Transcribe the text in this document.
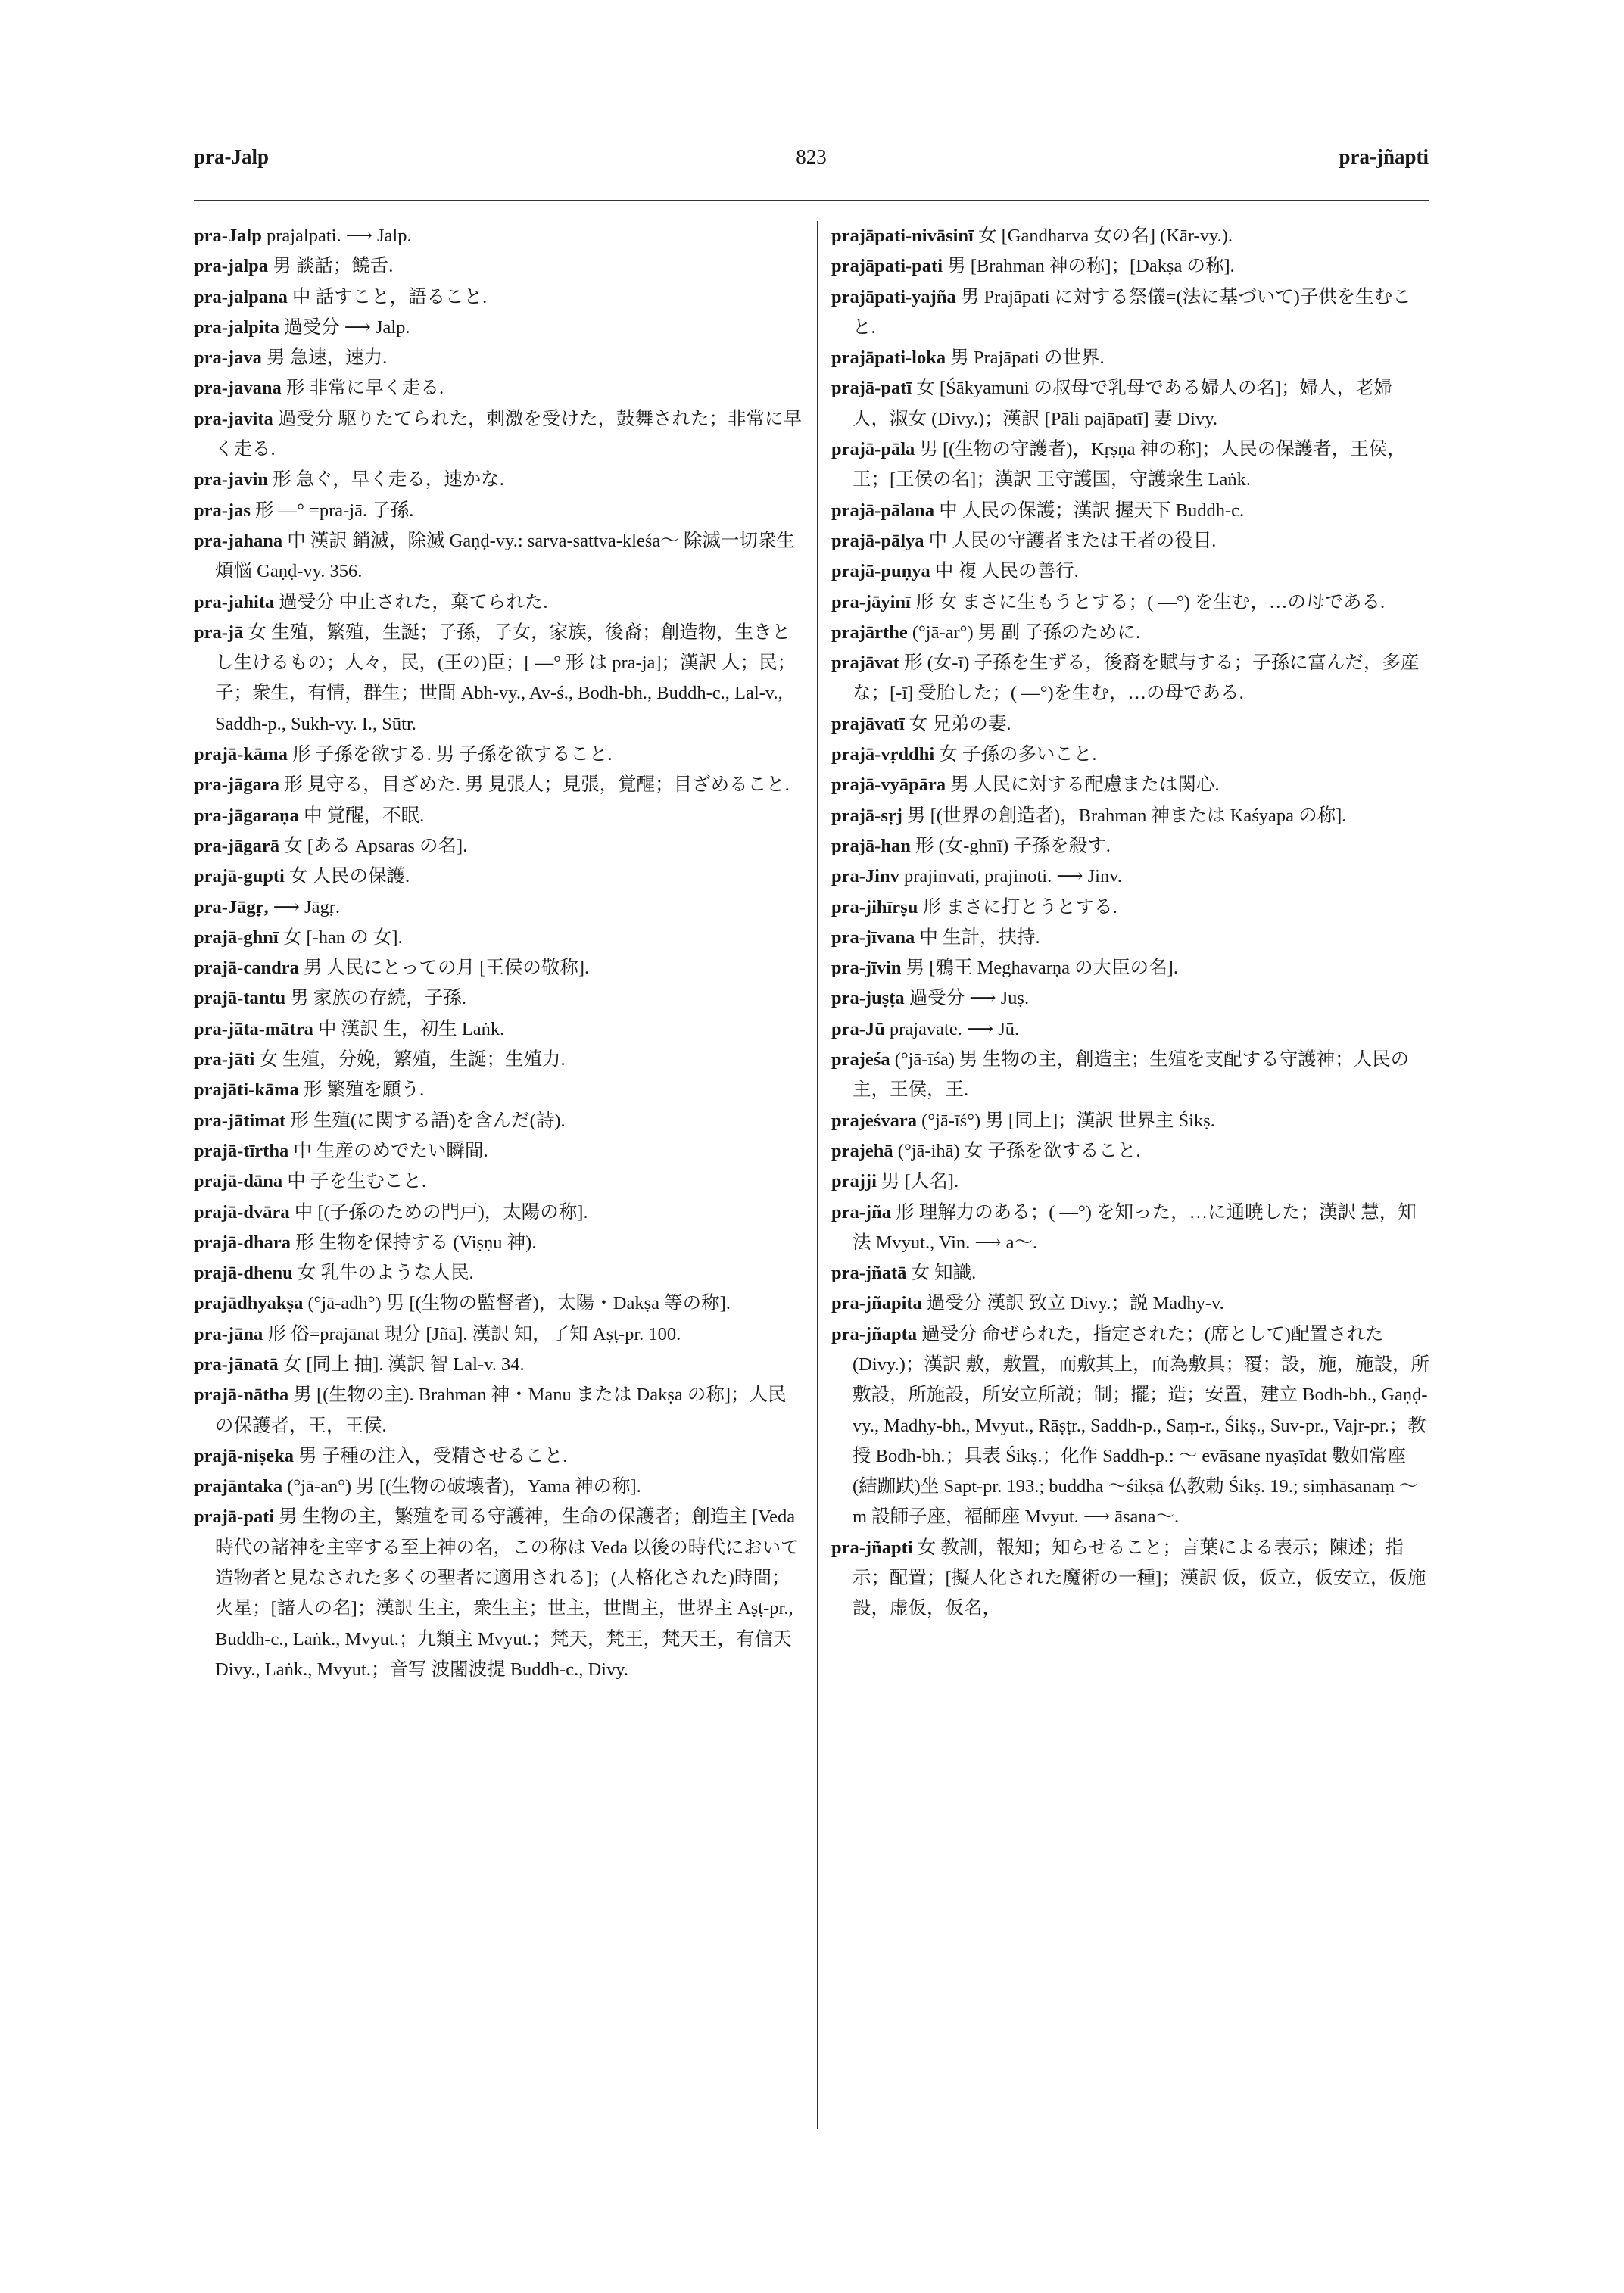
pra-Jalp	823	pra-jñapti

pra-Jalp prajalpati. ⟶ Jalp.

pra-jalpa 男 談話；饒舌.

pra-jalpana 中 話すこと，語ること.

pra-jalpita 過受分 ⟶ Jalp.

pra-java 男 急速，速力.

pra-javana 形 非常に早く走る.

pra-javita 過受分 駆りたてられた，刺激を受けた，鼓舞された；非常に早く走る.

pra-javin 形 急ぐ，早く走る，速かな.

pra-jas 形 —° =pra-jā. 子孫.

pra-jahana 中 漢訳 銷滅，除滅 Gaṇḍ-vy.: sarva-sattva-kleśa～ 除滅一切衆生煩悩 Gaṇḍ-vy. 356.

pra-jahita 過受分 中止された，棄てられた.

pra-jā 女 生殖，繁殖，生誕；子孫，子女，家族，後裔；創造物，生きとし生けるもの；人々，民，(王の)臣；[ —° 形 は pra-ja]；漢訳 人；民；子；衆生，有情，群生；世間 Abh-vy., Av-ś., Bodh-bh., Buddh-c., Lal-v., Saddh-p., Sukh-vy. I., Sūtr.

prajā-kāma 形 子孫を欲する. 男 子孫を欲すること.

pra-jāgara 形 見守る，目ざめた. 男 見張人；見張，覚醒；目ざめること.

pra-jāgaraṇa 中 覚醒，不眠.

pra-jāgarā 女 [ある Apsaras の名].

prajā-gupti 女 人民の保護.

pra-Jāgṛ, ⟶ Jāgṛ.

prajā-ghnī 女 [-han の 女].

prajā-candra 男 人民にとっての月 [王侯の敬称].

prajā-tantu 男 家族の存続，子孫.

pra-jāta-mātra 中 漢訳 生，初生 Laṅk.

pra-jāti 女 生殖，分娩，繁殖，生誕；生殖力.

prajāti-kāma 形 繁殖を願う.

pra-jātimat 形 生殖(に関する語)を含んだ(詩).

prajā-tīrtha 中 生産のめでたい瞬間.

prajā-dāna 中 子を生むこと.

prajā-dvāra 中 [(子孫のための門戸)，太陽の称].

prajā-dhara 形 生物を保持する (Viṣṇu 神).

prajā-dhenu 女 乳牛のような人民.

prajādhyakṣa (°jā-adh°) 男 [(生物の監督者)，太陽・Dakṣa 等の称].

pra-jāna 形 俗=prajānat 現分 [Jñā]. 漢訳 知，了知 Aṣṭ-pr. 100.

pra-jānatā 女 [同上 抽]. 漢訳 智 Lal-v. 34.

prajā-nātha 男 [(生物の主). Brahman 神・Manu または Dakṣa の称]；人民の保護者，王，王侯.

prajā-niṣeka 男 子種の注入，受精させること.

prajāntaka (°jā-an°) 男 [(生物の破壊者)，Yama 神の称].

prajā-pati 男 生物の主，繁殖を司る守護神，生命の保護者；創造主 [Veda 時代の諸神を主宰する至上神の名，この称は Veda 以後の時代において造物者と見なされた多くの聖者に適用される]；(人格化された)時間；火星；[諸人の名]；漢訳 生主，衆生主；世主，世間主，世界主 Aṣṭ-pr., Buddh-c., Laṅk., Mvyut.；九類主 Mvyut.；梵天，梵王，梵天王，有信天 Divy., Laṅk., Mvyut.；音写 波闍波提 Buddh-c., Divy.

prajāpati-nivāsinī 女 [Gandharva 女の名] (Kār-vy.).

prajāpati-pati 男 [Brahman 神の称]；[Dakṣa の称].

prajāpati-yajña 男 Prajāpati に対する祭儀=(法に基づいて)子供を生むこと.

prajāpati-loka 男 Prajāpati の世界.

prajā-patī 女 [Śākyamuni の叔母で乳母である婦人の名]；婦人，老婦人，淑女 (Divy.)；漢訳 [Pāli pajāpatī] 妻 Divy.

prajā-pāla 男 [(生物の守護者)，Kṛṣṇa 神の称]；人民の保護者，王侯，王；[王侯の名]；漢訳 王守護国，守護衆生 Laṅk.

prajā-pālana 中 人民の保護；漢訳 握天下 Buddh-c.

prajā-pālya 中 人民の守護者または王者の役目.

prajā-puṇya 中 複 人民の善行.

pra-jāyinī 形 女 まさに生もうとする；( —°) を生む，…の母である.

prajārthe (°jā-ar°) 男 副 子孫のために.

prajāvat 形 (女-ī) 子孫を生ずる，後裔を賦与する；子孫に富んだ，多産な；[-ī] 受胎した；( —°)を生む，…の母である.

prajāvatī 女 兄弟の妻.

prajā-vṛddhi 女 子孫の多いこと.

prajā-vyāpāra 男 人民に対する配慮または関心.

prajā-sṛj 男 [(世界の創造者)，Brahman 神または Kaśyapa の称].

prajā-han 形 (女-ghnī) 子孫を殺す.

pra-Jinv prajinvati, prajinoti. ⟶ Jinv.

pra-jihīrṣu 形 まさに打とうとする.

pra-jīvana 中 生計，扶持.

pra-jīvin 男 [鴉王 Meghavarṇa の大臣の名].

pra-juṣṭa 過受分 ⟶ Juṣ.

pra-Jū prajavate. ⟶ Jū.

prajeśa (°jā-īśa) 男 生物の主，創造主；生殖を支配する守護神；人民の主，王侯，王.

prajeśvara (°jā-īś°) 男 [同上]；漢訳 世界主 Śikṣ.

prajehā (°jā-ihā) 女 子孫を欲すること.

prajji 男 [人名].

pra-jña 形 理解力のある；( —°) を知った，…に通暁した；漢訳 慧，知法 Mvyut., Vin. ⟶ a～.

pra-jñatā 女 知識.

pra-jñapita 過受分 漢訳 致立 Divy.；説 Madhy-v.

pra-jñapta 過受分 命ぜられた，指定された；(席として)配置された (Divy.)；漢訳 敷，敷置，而敷其上，而為敷具；覆；設，施，施設，所敷設，所施設，所安立所説；制；擺；造；安置，建立 Bodh-bh., Gaṇḍ-vy., Madhy-bh., Mvyut., Rāṣṭr., Saddh-p., Saṃ-r., Śikṣ., Suv-pr., Vajr-pr.；教授 Bodh-bh.；具表 Śikṣ.；化作 Saddh-p.: ～ evāsane nyaṣīdat 數如常座(結跏趺)坐 Sapt-pr. 193.; buddha ～śikṣā 仏教勅 Śikṣ. 19.; siṃhāsanaṃ ～m 設師子座，褔師座 Mvyut. ⟶ āsana～.

pra-jñapti 女 教訓，報知；知らせること；言葉による表示；陳述；指示；配置；[擬人化された魔術の一種]；漢訳 仮，仮立，仮安立，仮施設，虚仮，仮名，
